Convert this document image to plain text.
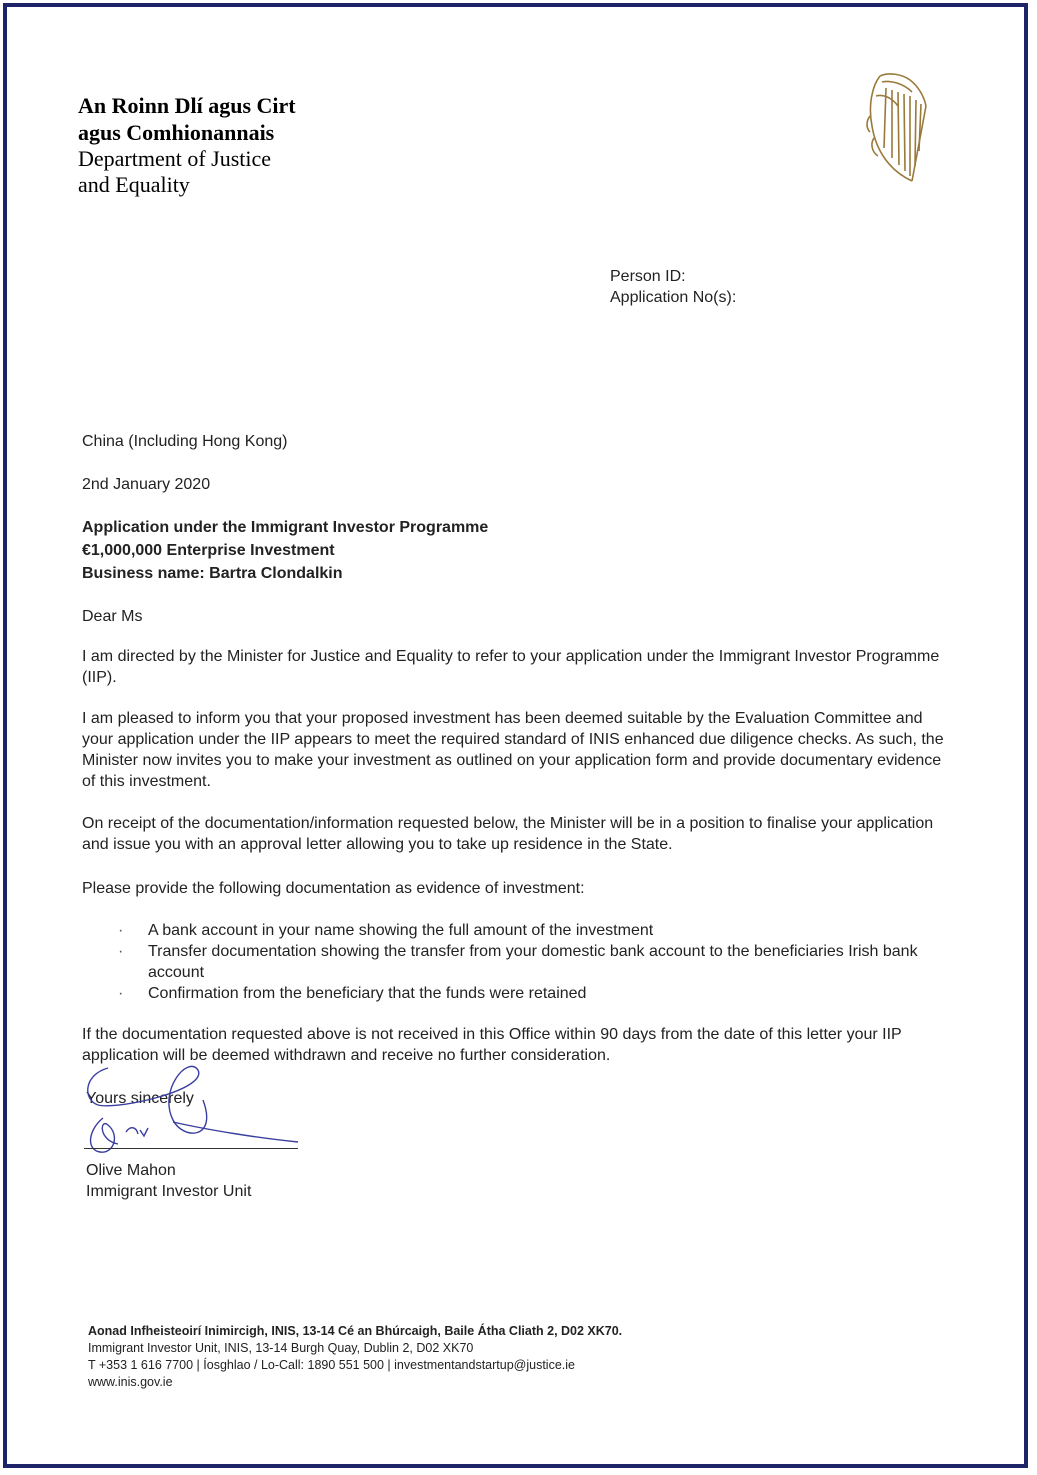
An Roinn Dlí agus Cirt
agus Comhionannais
Department of Justice
and Equality
Person ID:
Application No(s):
China (Including Hong Kong)
2nd January 2020
Application under the Immigrant Investor Programme
€1,000,000 Enterprise Investment
Business name: Bartra Clondalkin
Dear Ms
I am directed by the Minister for Justice and Equality to refer to your application under the Immigrant Investor Programme (IIP).
I am pleased to inform you that your proposed investment has been deemed suitable by the Evaluation Committee and your application under the IIP appears to meet the required standard of INIS enhanced due diligence checks. As such, the Minister now invites you to make your investment as outlined on your application form and provide documentary evidence of this investment.
On receipt of the documentation/information requested below, the Minister will be in a position to finalise your application and issue you with an approval letter allowing you to take up residence in the State.
Please provide the following documentation as evidence of investment:
· A bank account in your name showing the full amount of the investment
· Transfer documentation showing the transfer from your domestic bank account to the beneficiaries Irish bank account
· Confirmation from the beneficiary that the funds were retained
If the documentation requested above is not received in this Office within 90 days from the date of this letter your IIP application will be deemed withdrawn and receive no further consideration.
Yours sincerely
Olive Mahon
Immigrant Investor Unit
Aonad Infheisteoirí Inimircigh, INIS, 13-14 Cé an Bhúrcaigh, Baile Átha Cliath 2, D02 XK70.
Immigrant Investor Unit, INIS, 13-14 Burgh Quay, Dublin 2, D02 XK70
T +353 1 616 7700 | Íosghlao / Lo-Call: 1890 551 500 | investmentandstartup@justice.ie
www.inis.gov.ie
